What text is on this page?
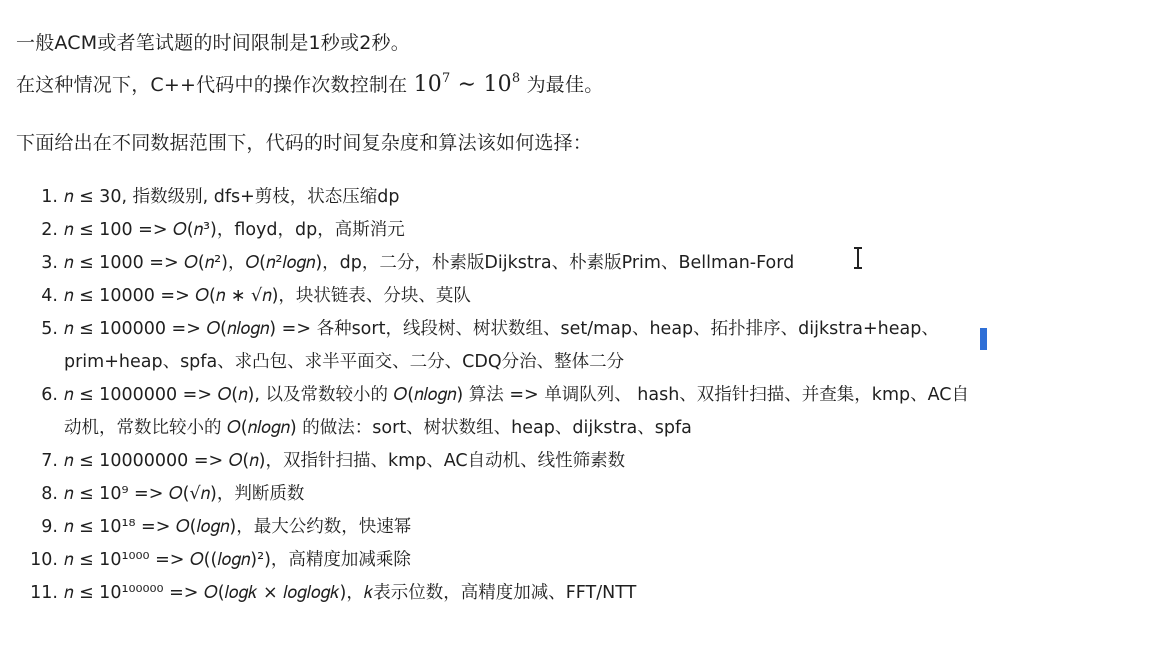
一般ACM或者笔试题的时间限制是1秒或2秒。

在这种情况下，C++代码中的操作次数控制在 $10^7$ ∼ $10^8$ 为最佳。

下面给出在不同数据范围下，代码的时间复杂度和算法该如何选择：

1. 𝑛 ≤ 30, 指数级别, dfs+剪枝，状态压缩dp
2. 𝑛 ≤ 100 => 𝑂(𝑛³)，floyd，dp，高斯消元
3. 𝑛 ≤ 1000 => 𝑂(𝑛²)，𝑂(𝑛²𝑙𝑜𝑔𝑛)，dp，二分，朴素版Dijkstra、朴素版Prim、Bellman-Ford
4. 𝑛 ≤ 10000 => 𝑂(𝑛 ∗ √𝑛)，块状链表、分块、莫队
5. 𝑛 ≤ 100000 => 𝑂(𝑛𝑙𝑜𝑔𝑛) => 各种sort，线段树、树状数组、set/map、heap、拓扑排序、dijkstra+heap、
prim+heap、spfa、求凸包、求半平面交、二分、CDQ分治、整体二分
6. 𝑛 ≤ 1000000 => 𝑂(𝑛), 以及常数较小的 𝑂(𝑛𝑙𝑜𝑔𝑛) 算法 => 单调队列、 hash、双指针扫描、并查集，kmp、AC自
动机，常数比较小的 𝑂(𝑛𝑙𝑜𝑔𝑛) 的做法：sort、树状数组、heap、dijkstra、spfa
7. 𝑛 ≤ 10000000 => 𝑂(𝑛)，双指针扫描、kmp、AC自动机、线性筛素数
8. 𝑛 ≤ 10⁹ => 𝑂(√𝑛)，判断质数
9. 𝑛 ≤ 10¹⁸ => 𝑂(𝑙𝑜𝑔𝑛)，最大公约数，快速幂
10. 𝑛 ≤ 10¹⁰⁰⁰ => 𝑂((𝑙𝑜𝑔𝑛)²)，高精度加减乘除
11. 𝑛 ≤ 10¹⁰⁰⁰⁰⁰ => 𝑂(𝑙𝑜𝑔𝑘 × 𝑙𝑜𝑔𝑙𝑜𝑔𝑘)，𝑘表示位数，高精度加减、FFT/NTT
